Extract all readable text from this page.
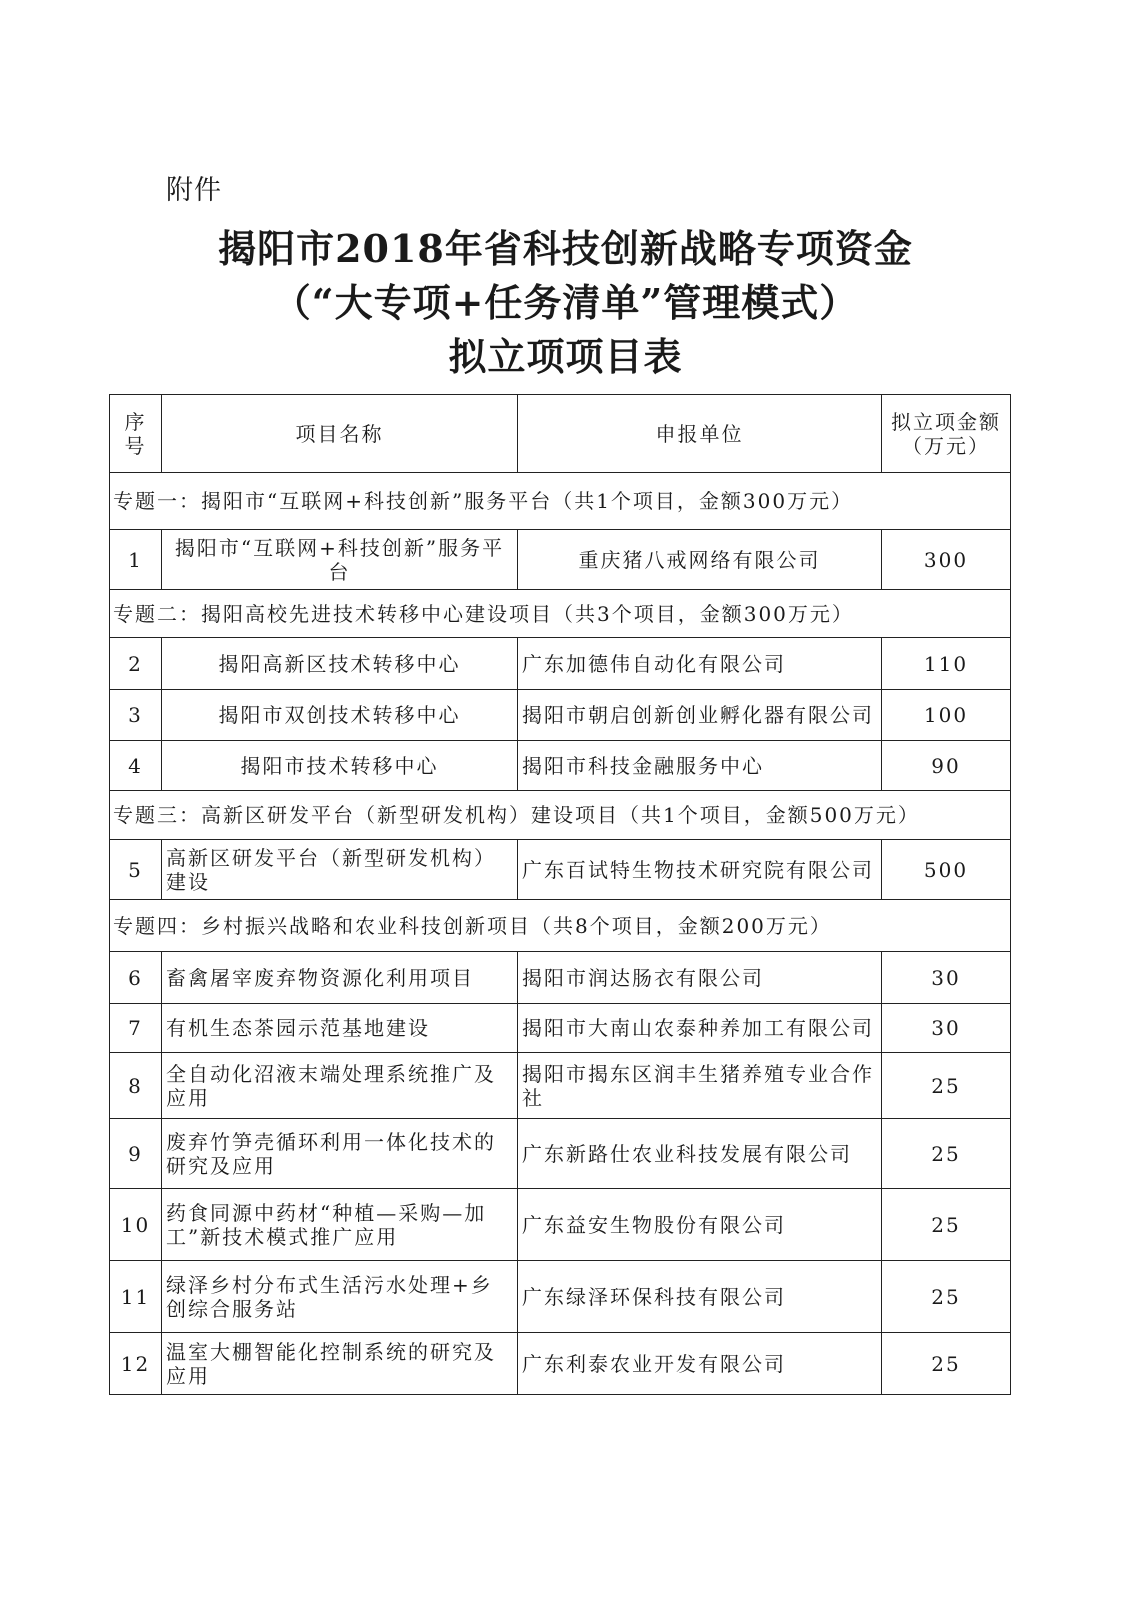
附件
揭阳市2018年省科技创新战略专项资金
（“大专项+任务清单”管理模式）
拟立项项目表
序号	项目名称	申报单位	拟立项金额
（万元）

专题一：揭阳市“互联网+科技创新”服务平台（共1个项目，金额300万元）			
1	揭阳市“互联网+科技创新”服务平台	重庆猪八戒网络有限公司	300
专题二：揭阳高校先进技术转移中心建设项目（共3个项目，金额300万元）			
2	揭阳高新区技术转移中心	广东加德伟自动化有限公司	110
3	揭阳市双创技术转移中心	揭阳市朝启创新创业孵化器有限公司	100
4	揭阳市技术转移中心	揭阳市科技金融服务中心	90
专题三：高新区研发平台（新型研发机构）建设项目（共1个项目，金额500万元）			
5	高新区研发平台（新型研发机构）建设	广东百试特生物技术研究院有限公司	500
专题四：乡村振兴战略和农业科技创新项目（共8个项目，金额200万元）			
6	畜禽屠宰废弃物资源化利用项目	揭阳市润达肠衣有限公司	30
7	有机生态茶园示范基地建设	揭阳市大南山农泰种养加工有限公司	30
8	全自动化沼液末端处理系统推广及应用	揭阳市揭东区润丰生猪养殖专业合作社	25
9	废弃竹笋壳循环利用一体化技术的研究及应用	广东新路仕农业科技发展有限公司	25
10	药食同源中药材“种植—采购—加工”新技术模式推广应用	广东益安生物股份有限公司	25
11	绿泽乡村分布式生活污水处理+乡创综合服务站	广东绿泽环保科技有限公司	25
12	温室大棚智能化控制系统的研究及应用	广东利泰农业开发有限公司	25
